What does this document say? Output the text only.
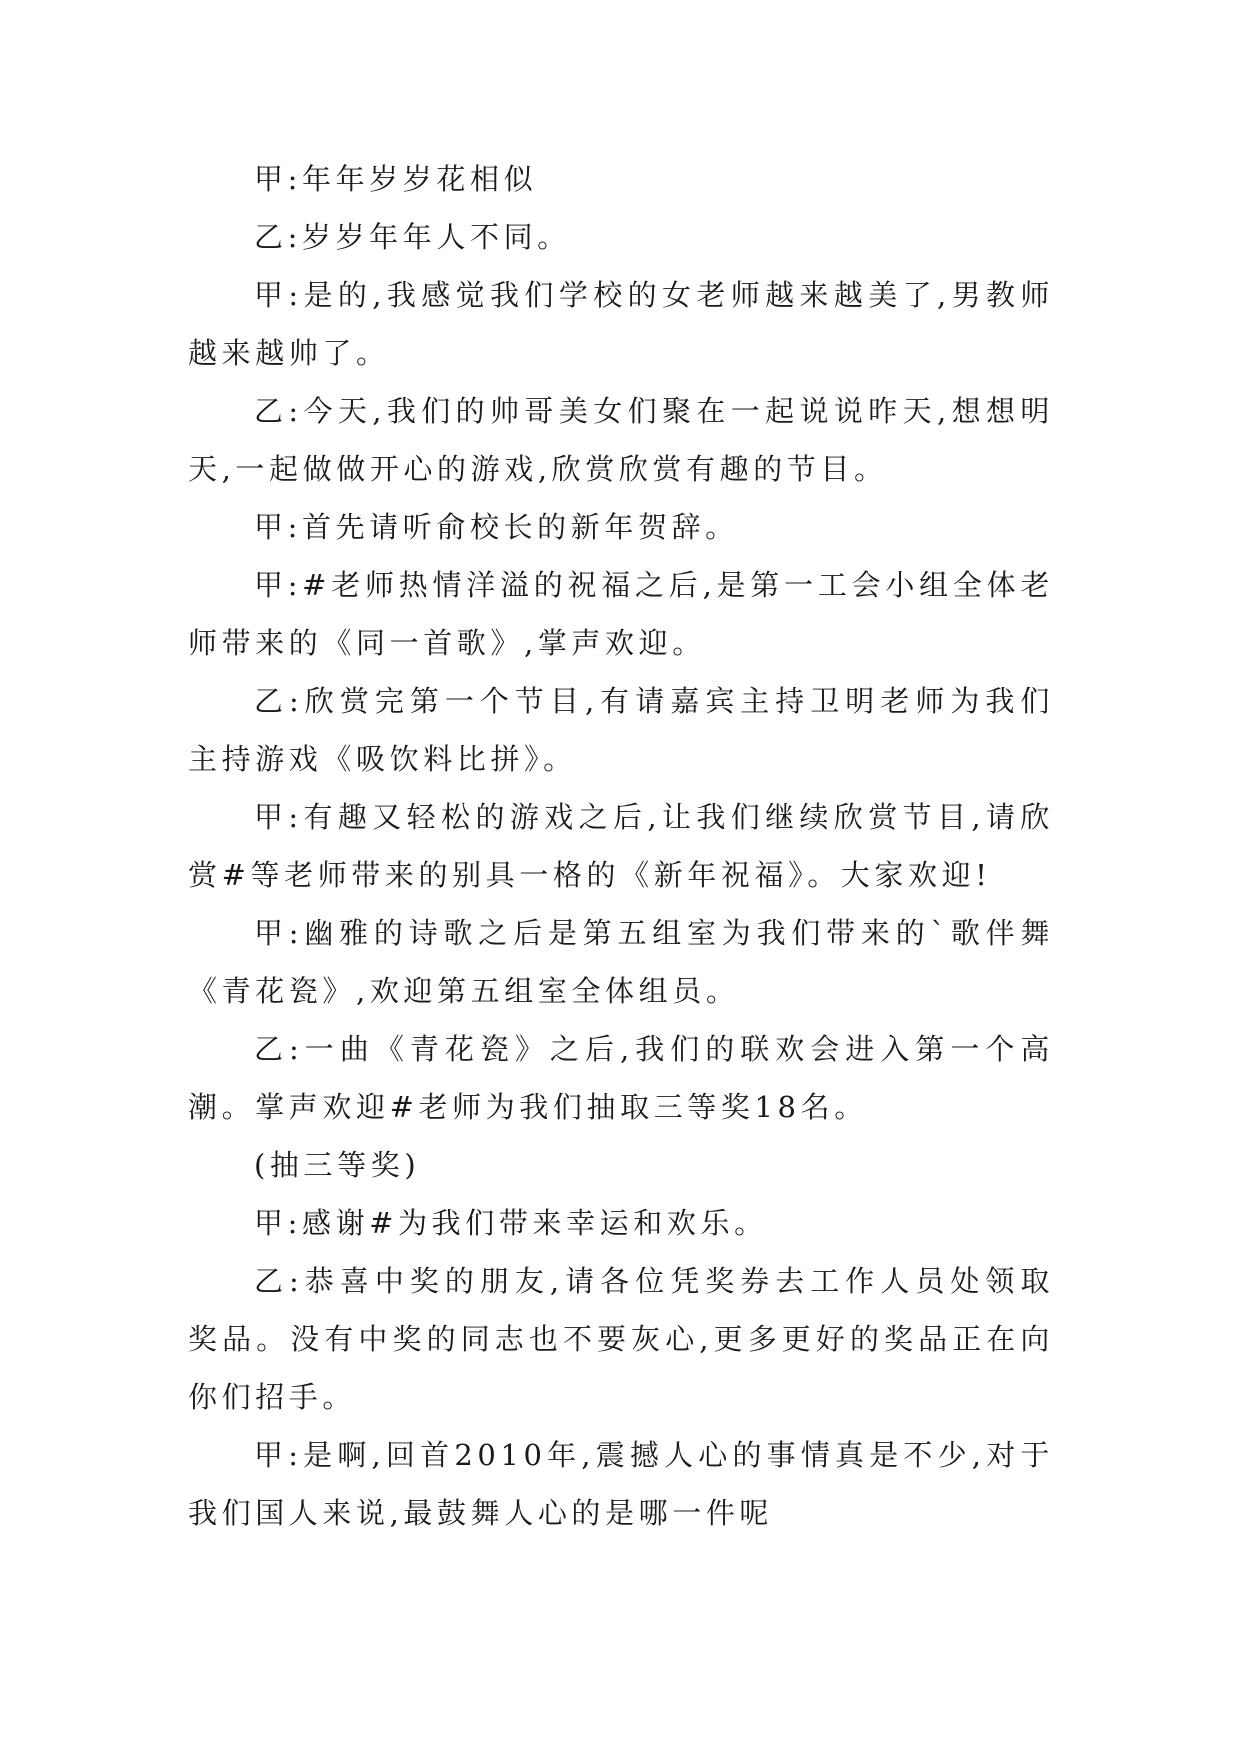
甲:年年岁岁花相似

乙:岁岁年年人不同。

甲:是的,我感觉我们学校的女老师越来越美了,男教师越来越帅了。

乙:今天,我们的帅哥美女们聚在一起说说昨天,想想明天,一起做做开心的游戏,欣赏欣赏有趣的节目。

甲:首先请听俞校长的新年贺辞。

甲:#老师热情洋溢的祝福之后,是第一工会小组全体老师带来的《同一首歌》,掌声欢迎。

乙:欣赏完第一个节目,有请嘉宾主持卫明老师为我们主持游戏《吸饮料比拼》。

甲:有趣又轻松的游戏之后,让我们继续欣赏节目,请欣赏#等老师带来的别具一格的《新年祝福》。大家欢迎!

甲:幽雅的诗歌之后是第五组室为我们带来的`歌伴舞《青花瓷》,欢迎第五组室全体组员。

乙:一曲《青花瓷》之后,我们的联欢会进入第一个高潮。掌声欢迎#老师为我们抽取三等奖18名。

(抽三等奖)

甲:感谢#为我们带来幸运和欢乐。

乙:恭喜中奖的朋友,请各位凭奖券去工作人员处领取奖品。没有中奖的同志也不要灰心,更多更好的奖品正在向你们招手。

甲:是啊,回首2010年,震撼人心的事情真是不少,对于我们国人来说,最鼓舞人心的是哪一件呢
